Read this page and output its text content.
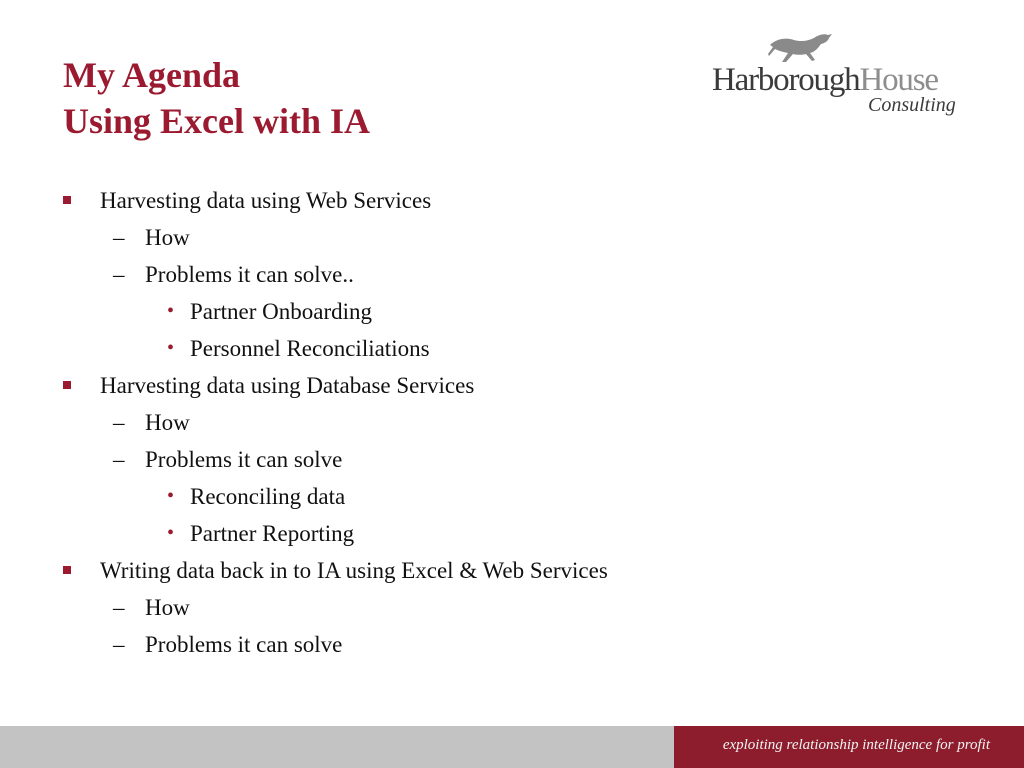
My Agenda
Using Excel with IA
HarboroughHouse
Consulting
Harvesting data using Web Services
– How
– Problems it can solve..
• Partner Onboarding
• Personnel Reconciliations
Harvesting data using Database Services
– How
– Problems it can solve
• Reconciling data
• Partner Reporting
Writing data back in to IA using Excel & Web Services
– How
– Problems it can solve
exploiting relationship intelligence for profit
